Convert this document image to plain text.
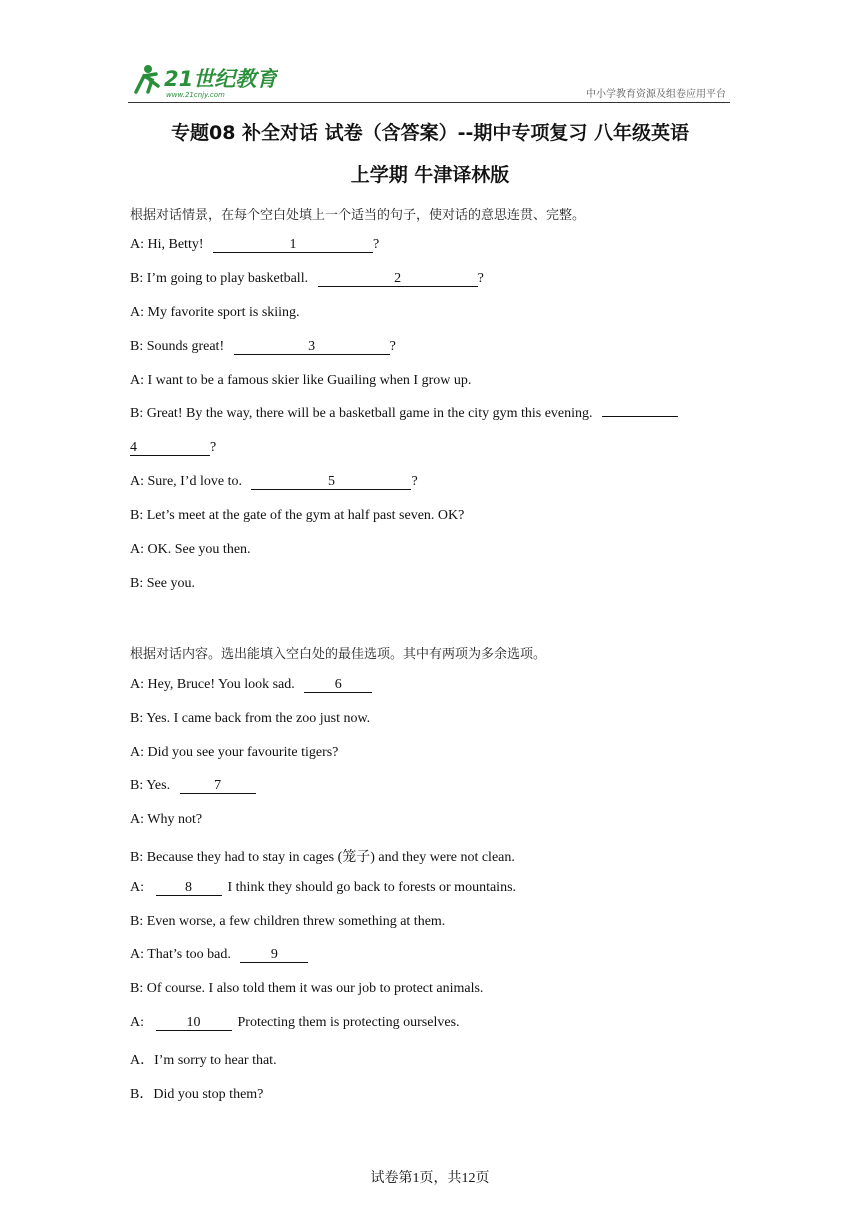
21世纪教育
www.21cnjy.com	中小学教育资源及组卷应用平台
专题08 补全对话 试卷（含答案）--期中专项复习 八年级英语
上学期 牛津译林版
根据对话情景，在每个空白处填上一个适当的句子，使对话的意思连贯、完整。
A: Hi, Betty!	1	?
B: I’m going to play basketball.	2	?
A: My favorite sport is skiing.
B: Sounds great!	3	?
A: I want to be a famous skier like Guailing when I grow up.
B: Great! By the way, there will be a basketball game in the city gym this evening.
4	?
A: Sure, I’d love to.	5	?
B: Let’s meet at the gate of the gym at half past seven. OK?
A: OK. See you then.
B: See you.
根据对话内容。选出能填入空白处的最佳选项。其中有两项为多余选项。
A: Hey, Bruce! You look sad.	6
B: Yes. I came back from the zoo just now.
A: Did you see your favourite tigers?
B: Yes.	7
A: Why not?
B: Because they had to stay in cages (笼子) and they were not clean.
A:	8	I think they should go back to forests or mountains.
B: Even worse, a few children threw something at them.
A: That’s too bad.	9
B: Of course. I also told them it was our job to protect animals.
A:	10	Protecting them is protecting ourselves.
A．I’m sorry to hear that.
B．Did you stop them?
试卷第1页，共12页
